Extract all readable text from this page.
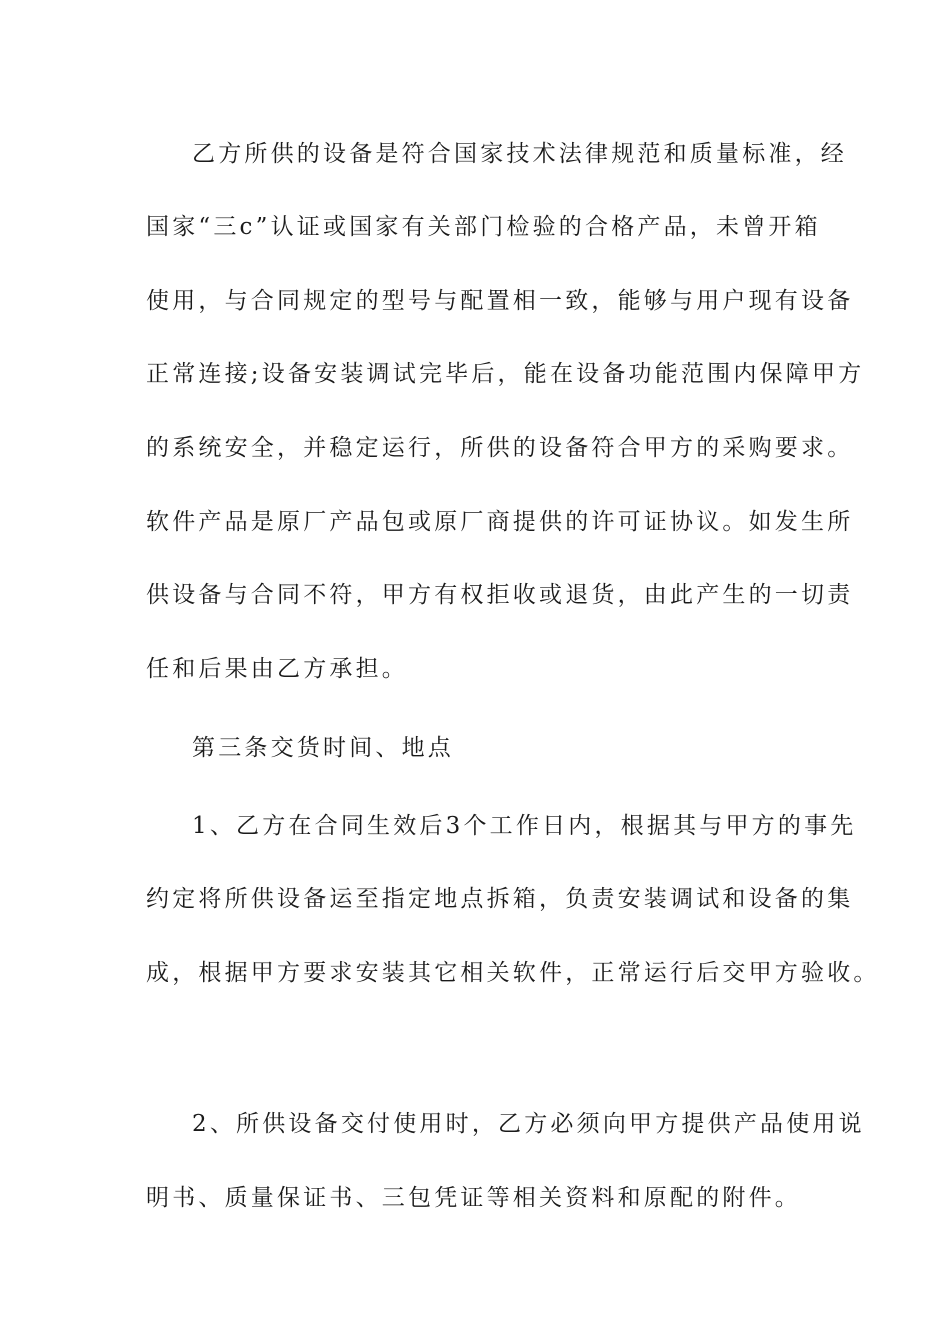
乙方所供的设备是符合国家技术法律规范和质量标准，经
国家“三c”认证或国家有关部门检验的合格产品，未曾开箱
使用，与合同规定的型号与配置相一致，能够与用户现有设备
正常连接;设备安装调试完毕后，能在设备功能范围内保障甲方
的系统安全，并稳定运行，所供的设备符合甲方的采购要求。
软件产品是原厂产品包或原厂商提供的许可证协议。如发生所
供设备与合同不符，甲方有权拒收或退货，由此产生的一切责
任和后果由乙方承担。
第三条交货时间、地点
1、乙方在合同生效后3个工作日内，根据其与甲方的事先
约定将所供设备运至指定地点拆箱，负责安装调试和设备的集
成，根据甲方要求安装其它相关软件，正常运行后交甲方验收。
2、所供设备交付使用时，乙方必须向甲方提供产品使用说
明书、质量保证书、三包凭证等相关资料和原配的附件。
